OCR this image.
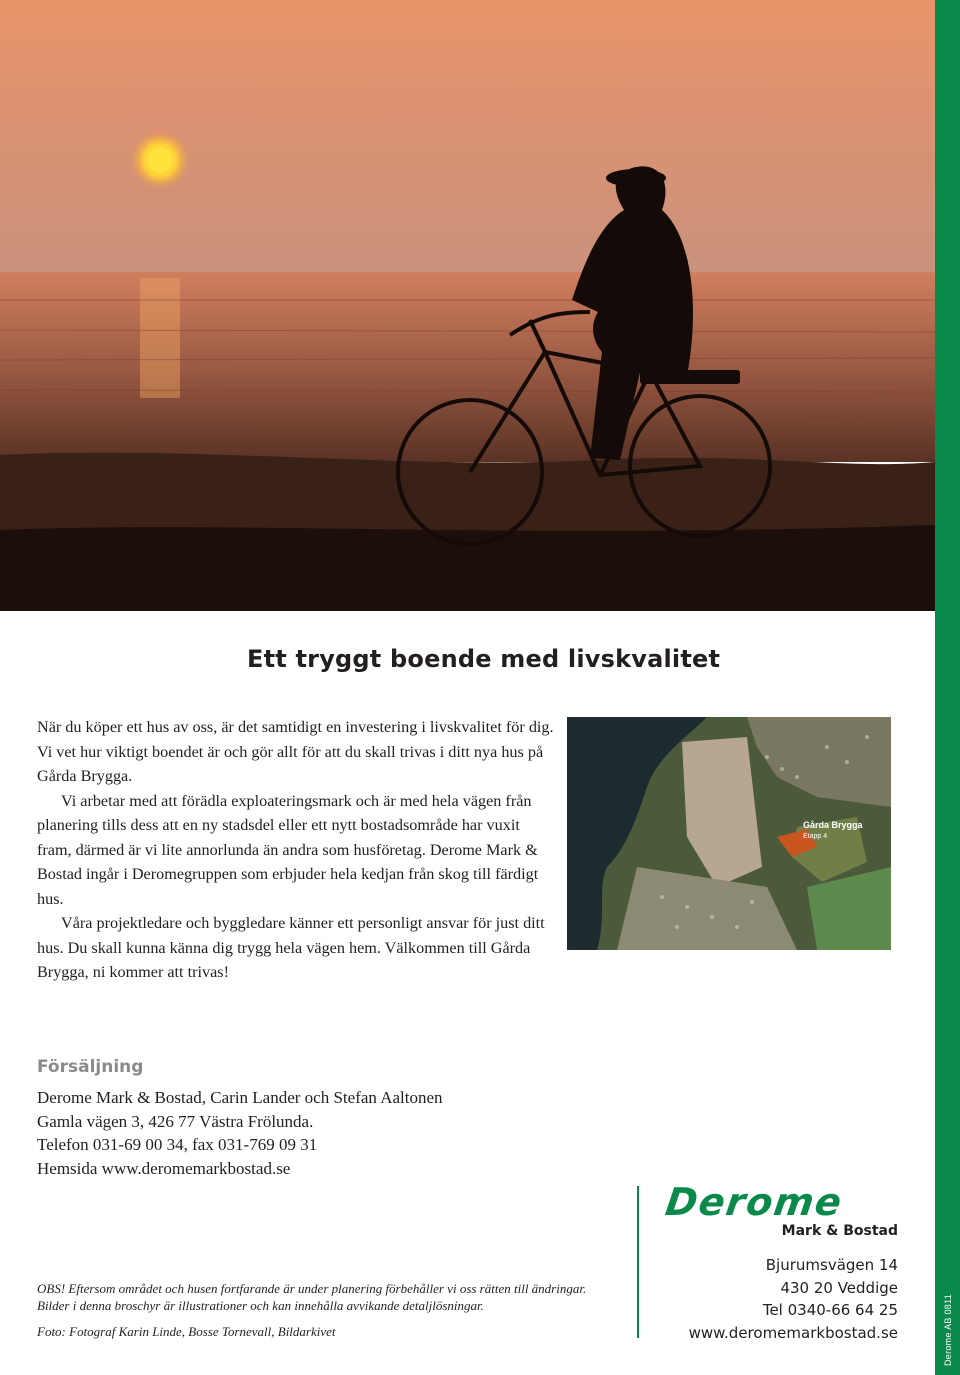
Derome AB 0811
Ett tryggt boende med livskvalitet

När du köper ett hus av oss, är det samtidigt en investering i livskvalitet för dig. Vi vet hur viktigt boendet är och gör allt för att du skall trivas i ditt nya hus på Gårda Brygga.

Vi arbetar med att förädla exploateringsmark och är med hela vägen från planering tills dess att en ny stadsdel eller ett nytt bostadsområde har vuxit fram, därmed är vi lite annorlunda än andra som husföretag. Derome Mark & Bostad ingår i Deromegruppen som erbjuder hela kedjan från skog till färdigt hus.

Våra projektledare och byggledare känner ett personligt ansvar för just ditt hus. Du skall kunna känna dig trygg hela vägen hem. Välkommen till Gårda Brygga, ni kommer att trivas!

Gårda Brygga
Etapp 4
Försäljning
Derome Mark & Bostad, Carin Lander och Stefan Aaltonen
Gamla vägen 3, 426 77 Västra Frölunda.
Telefon 031-69 00 34, fax 031-769 09 31
Hemsida www.deromemarkbostad.se
Derome
Mark & Bostad
Bjurumsvägen 14
430 20 Veddige
Tel 0340-66 64 25
www.deromemarkbostad.se
OBS! Eftersom området och husen fortfarande är under planering förbehåller vi oss rätten till ändringar. Bilder i denna broschyr är illustrationer och kan innehålla avvikande detaljlösningar.
Foto: Fotograf Karin Linde, Bosse Tornevall, Bildarkivet
